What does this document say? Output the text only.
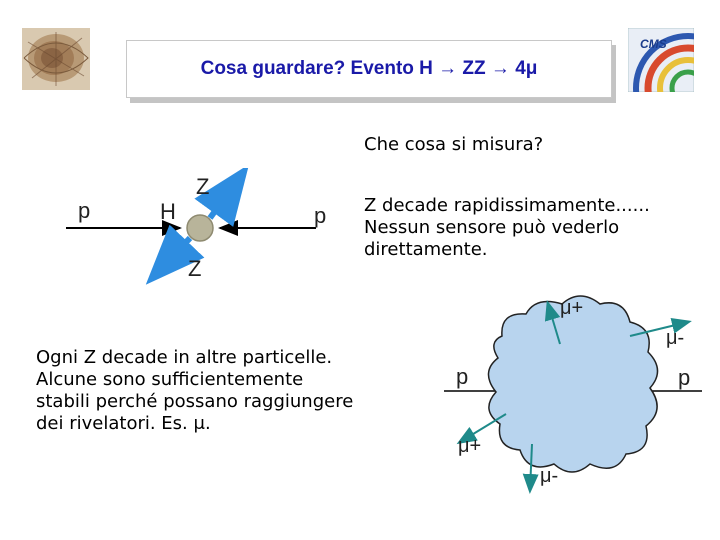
Cosa guardare? Evento H → ZZ → 4μ
CMS
Che cosa si misura?
Z decade rapidissimamente......
Nessun sensore può vederlo
direttamente.
Ogni Z decade in altre particelle.
Alcune sono sufficientemente
stabili perché possano raggiungere
dei rivelatori. Es. μ.
p	H	p
Z
Z
μ+
μ-
p	p
μ+
μ-
